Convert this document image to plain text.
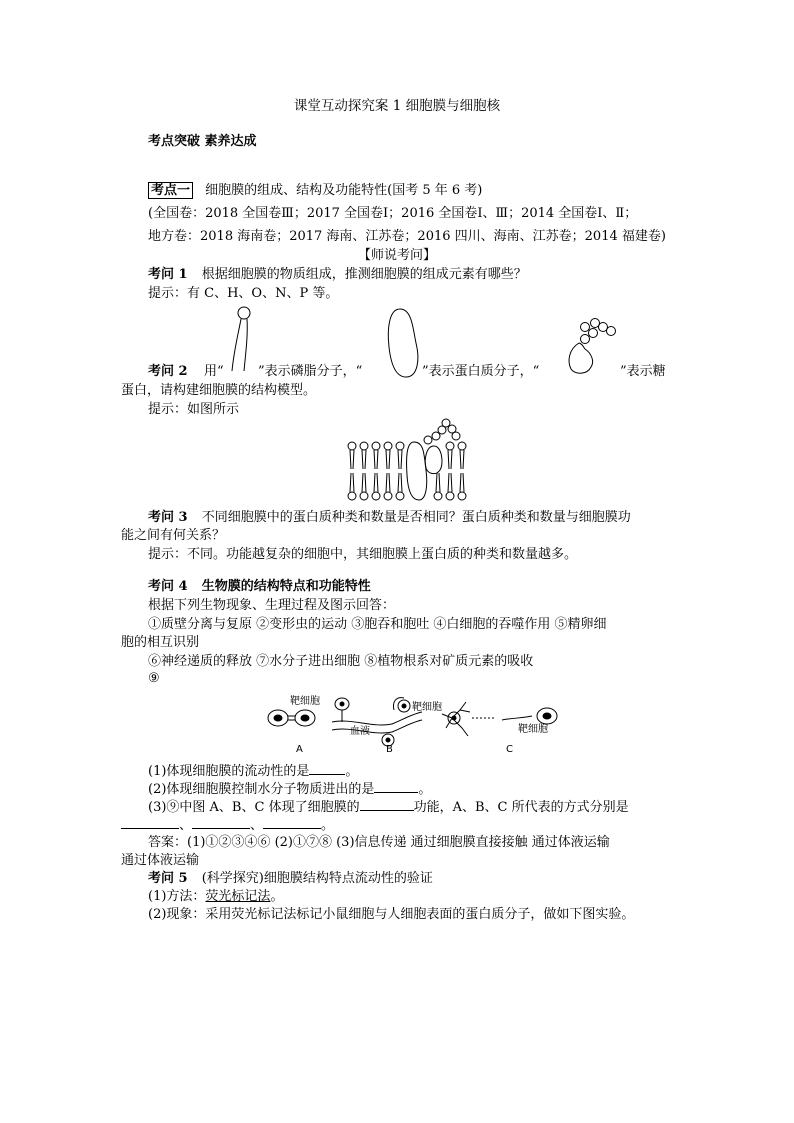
课堂互动探究案 1 细胞膜与细胞核
考点突破 素养达成
考点一 细胞膜的组成、结构及功能特性(国考 5 年 6 考)
(全国卷：2018 全国卷Ⅲ；2017 全国卷Ⅰ；2016 全国卷Ⅰ、Ⅲ；2014 全国卷Ⅰ、Ⅱ；
地方卷：2018 海南卷；2017 海南、江苏卷；2016 四川、海南、江苏卷；2014 福建卷)
【师说考问】
考问 1 根据细胞膜的物质组成，推测细胞膜的组成元素有哪些？
提示：有 C、H、O、N、P 等。
考问 2 用“	”表示磷脂分子，“	”表示蛋白质分子，“	”表示糖
蛋白，请构建细胞膜的结构模型。
提示：如图所示
考问 3 不同细胞膜中的蛋白质种类和数量是否相同？蛋白质种类和数量与细胞膜功
能之间有何关系？
提示：不同。功能越复杂的细胞中，其细胞膜上蛋白质的种类和数量越多。
考问 4 生物膜的结构特点和功能特性
根据下列生物现象、生理过程及图示回答：
①质壁分离与复原 ②变形虫的运动 ③胞吞和胞吐 ④白细胞的吞噬作用 ⑤精卵细
胞的相互识别
⑥神经递质的释放 ⑦水分子进出细胞 ⑧植物根系对矿质元素的吸收
⑨
靶细胞
血液
靶细胞
靶细胞
A	B	C
(1)体现细胞膜的流动性的是	。
(2)体现细胞膜控制水分子物质进出的是	。
(3)⑨中图 A、B、C 体现了细胞膜的	功能，A、B、C 所代表的方式分别是
、	、	。
答案：(1)①②③④⑥ (2)①⑦⑧ (3)信息传递 通过细胞膜直接接触 通过体液运输
通过体液运输
考问 5 (科学探究)细胞膜结构特点流动性的验证
(1)方法：荧光标记法。
(2)现象：采用荧光标记法标记小鼠细胞与人细胞表面的蛋白质分子，做如下图实验。
